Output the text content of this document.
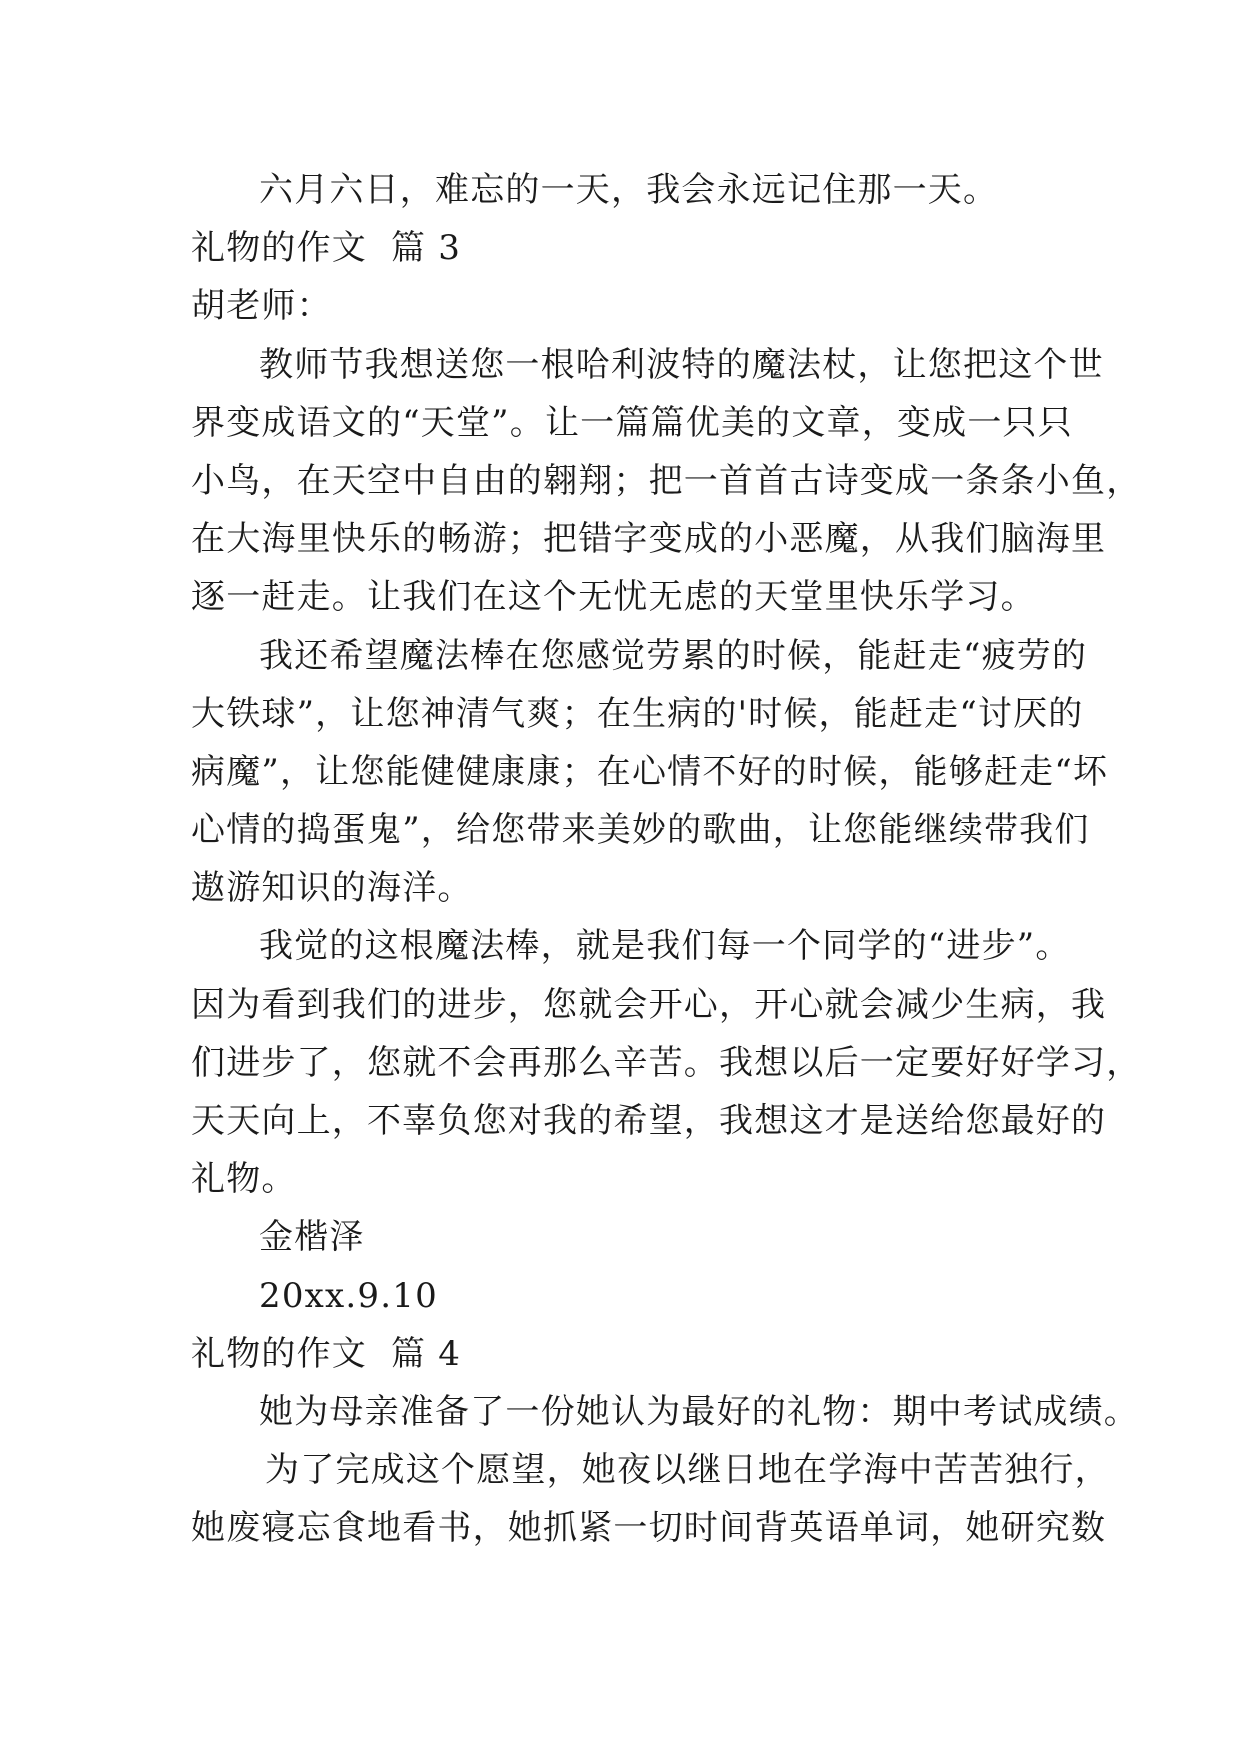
六月六日，难忘的一天，我会永远记住那一天。

礼物的作文  篇 3

胡老师：

教师节我想送您一根哈利波特的魔法杖，让您把这个世

界变成语文的“天堂”。让一篇篇优美的文章，变成一只只

小鸟，在天空中自由的翱翔；把一首首古诗变成一条条小鱼，

在大海里快乐的畅游；把错字变成的小恶魔，从我们脑海里

逐一赶走。让我们在这个无忧无虑的天堂里快乐学习。

我还希望魔法棒在您感觉劳累的时候，能赶走“疲劳的

大铁球”，让您神清气爽；在生病的'时候，能赶走“讨厌的

病魔”，让您能健健康康；在心情不好的时候，能够赶走“坏

心情的捣蛋鬼”，给您带来美妙的歌曲，让您能继续带我们

遨游知识的海洋。

我觉的这根魔法棒，就是我们每一个同学的“进步”。

因为看到我们的进步，您就会开心，开心就会减少生病，我

们进步了，您就不会再那么辛苦。我想以后一定要好好学习，

天天向上，不辜负您对我的希望，我想这才是送给您最好的

礼物。

金楷泽

20xx.9.10

礼物的作文  篇 4

她为母亲准备了一份她认为最好的礼物：期中考试成绩。

为了完成这个愿望，她夜以继日地在学海中苦苦独行，

她废寝忘食地看书，她抓紧一切时间背英语单词，她研究数
